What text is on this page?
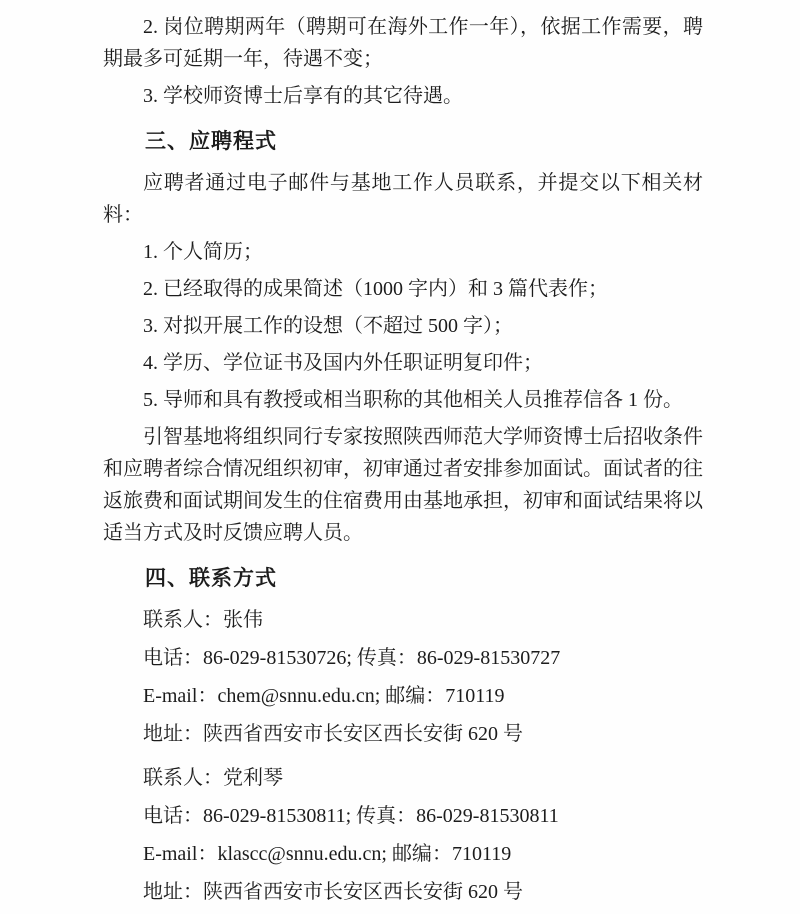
2. 岗位聘期两年（聘期可在海外工作一年），依据工作需要，聘期最多可延期一年，待遇不变；

3. 学校师资博士后享有的其它待遇。

三、应聘程式

应聘者通过电子邮件与基地工作人员联系，并提交以下相关材料：

1. 个人简历；

2. 已经取得的成果简述（1000 字内）和 3 篇代表作；

3. 对拟开展工作的设想（不超过 500 字）；

4. 学历、学位证书及国内外任职证明复印件；

5. 导师和具有教授或相当职称的其他相关人员推荐信各 1 份。

引智基地将组织同行专家按照陕西师范大学师资博士后招收条件和应聘者综合情况组织初审，初审通过者安排参加面试。面试者的往返旅费和面试期间发生的住宿费用由基地承担，初审和面试结果将以适当方式及时反馈应聘人员。

四、联系方式

联系人：张伟

电话：86-029-81530726; 传真：86-029-81530727

E-mail：chem@snnu.edu.cn; 邮编：710119

地址：陕西省西安市长安区西长安街 620 号

联系人：党利琴

电话：86-029-81530811; 传真：86-029-81530811

E-mail：klascc@snnu.edu.cn; 邮编：710119

地址：陕西省西安市长安区西长安街 620 号
